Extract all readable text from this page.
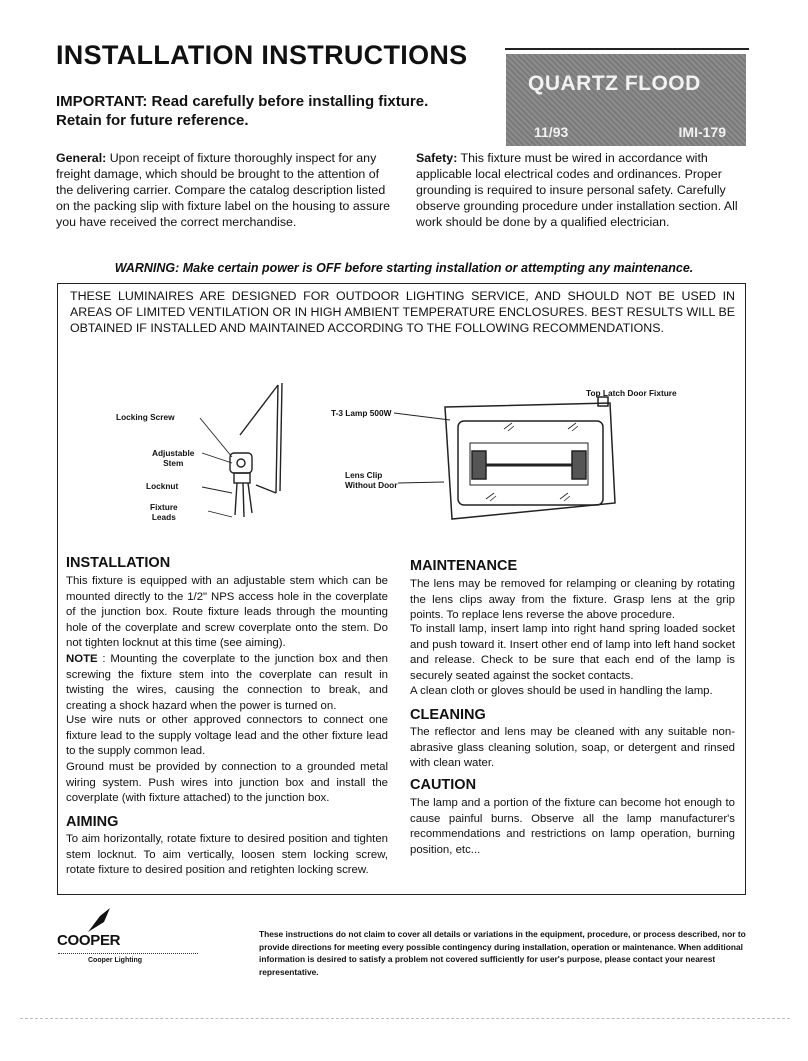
INSTALLATION INSTRUCTIONS
QUARTZ FLOOD
11/93	IMI-179
IMPORTANT: Read carefully before installing fixture.
Retain for future reference.
General: Upon receipt of fixture thoroughly inspect for any freight damage, which should be brought to the attention of the delivering carrier. Compare the catalog description listed on the packing slip with fixture label on the housing to assure you have received the correct merchandise.
Safety: This fixture must be wired in accordance with applicable local electrical codes and ordinances. Proper grounding is required to insure personal safety. Carefully observe grounding procedure under installation section. All work should be done by a qualified electrician.
WARNING: Make certain power is OFF before starting installation or attempting any maintenance.
THESE LUMINAIRES ARE DESIGNED FOR OUTDOOR LIGHTING SERVICE, AND SHOULD NOT BE USED IN AREAS OF LIMITED VENTILATION OR IN HIGH AMBIENT TEMPERATURE ENCLOSURES. BEST RESULTS WILL BE OBTAINED IF INSTALLED AND MAINTAINED ACCORDING TO THE FOLLOWING RECOMMENDATIONS.
Locking Screw
Adjustable
Stem
Locknut
Fixture
Leads
T-3 Lamp 500W
Lens Clip
Without Door
Top Latch Door Fixture
INSTALLATION
This fixture is equipped with an adjustable stem which can be mounted directly to the 1/2" NPS access hole in the coverplate of the junction box. Route fixture leads through the mounting hole of the coverplate and screw coverplate onto the stem. Do not tighten locknut at this time (see aiming).
NOTE : Mounting the coverplate to the junction box and then screwing the fixture stem into the coverplate can result in twisting the wires, causing the connection to break, and creating a shock hazard when the power is turned on.
Use wire nuts or other approved connectors to connect one fixture lead to the supply voltage lead and the other fixture lead to the supply common lead.
Ground must be provided by connection to a grounded metal wiring system. Push wires into junction box and install the coverplate (with fixture attached) to the junction box.
AIMING
To aim horizontally, rotate fixture to desired position and tighten stem locknut. To aim vertically, loosen stem locking screw, rotate fixture to desired position and retighten locking screw.
MAINTENANCE
The lens may be removed for relamping or cleaning by rotating the lens clips away from the fixture. Grasp lens at the grip points. To replace lens reverse the above procedure.
To install lamp, insert lamp into right hand spring loaded socket and push toward it. Insert other end of lamp into left hand socket and release. Check to be sure that each end of the lamp is securely seated against the socket contacts.
A clean cloth or gloves should be used in handling the lamp.
CLEANING
The reflector and lens may be cleaned with any suitable non-abrasive glass cleaning solution, soap, or detergent and rinsed with clean water.
CAUTION
The lamp and a portion of the fixture can become hot enough to cause painful burns. Observe all the lamp manufacturer's recommendations and restrictions on lamp operation, burning position, etc...
COOPER
Cooper Lighting
These instructions do not claim to cover all details or variations in the equipment, procedure, or process described, nor to provide directions for meeting every possible contingency during installation, operation or maintenance. When additional information is desired to satisfy a problem not covered sufficiently for user's purpose, please contact your nearest representative.
